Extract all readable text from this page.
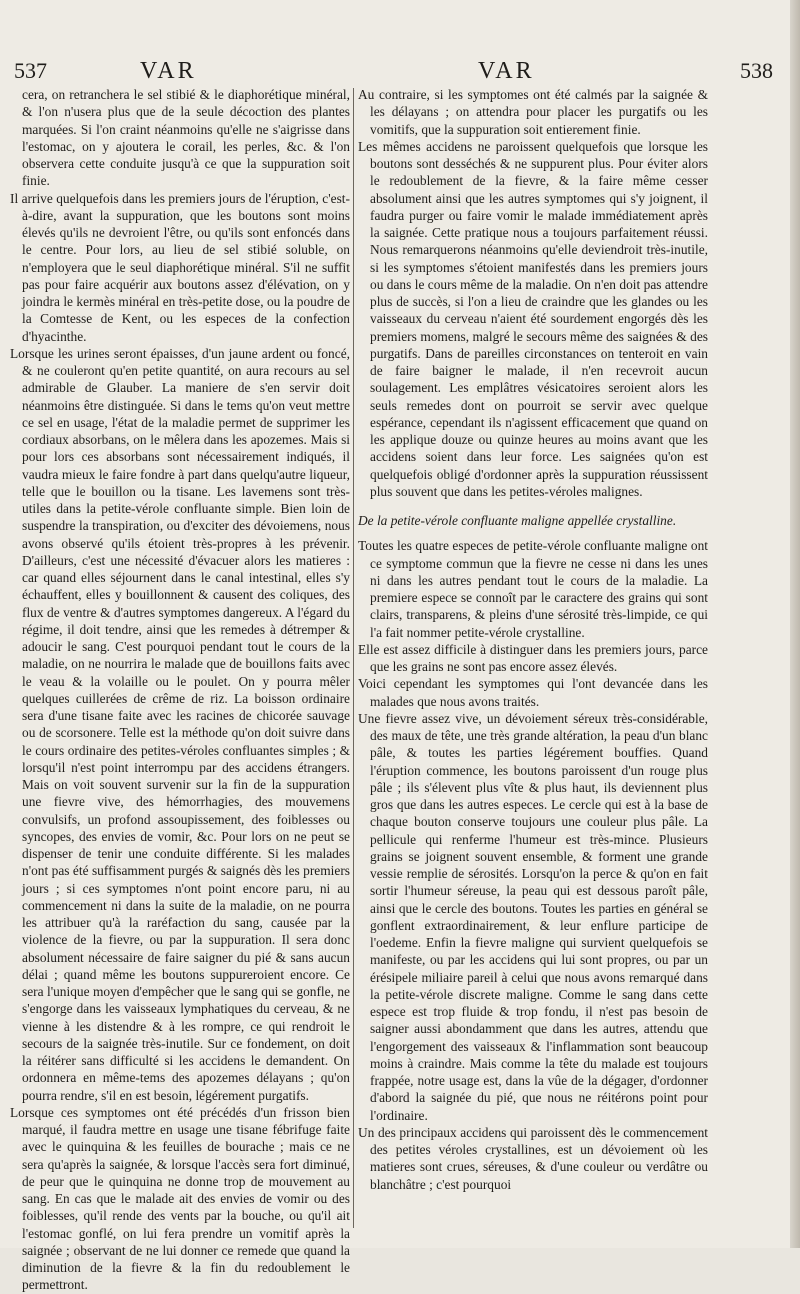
537	VAR	VAR	538

cera, on retranchera le sel stibié & le diaphorétique minéral, & l'on n'usera plus que de la seule décoction des plantes marquées. Si l'on craint néanmoins qu'elle ne s'aigrisse dans l'estomac, on y ajoutera le corail, les perles, &c. & l'on observera cette conduite jusqu'à ce que la suppuration soit finie.

Il arrive quelquefois dans les premiers jours de l'éruption, c'est-à-dire, avant la suppuration, que les boutons sont moins élevés qu'ils ne devroient l'être, ou qu'ils sont enfoncés dans le centre. Pour lors, au lieu de sel stibié soluble, on n'employera que le seul diaphorétique minéral. S'il ne suffit pas pour faire acquérir aux boutons assez d'élévation, on y joindra le kermès minéral en très-petite dose, ou la poudre de la Comtesse de Kent, ou les especes de la confection d'hyacinthe.

Lorsque les urines seront épaisses, d'un jaune ardent ou foncé, & ne couleront qu'en petite quantité, on aura recours au sel admirable de Glauber. La maniere de s'en servir doit néanmoins être distinguée. Si dans le tems qu'on veut mettre ce sel en usage, l'état de la maladie permet de supprimer les cordiaux absorbans, on le mêlera dans les apozemes. Mais si pour lors ces absorbans sont nécessairement indiqués, il vaudra mieux le faire fondre à part dans quelqu'autre liqueur, telle que le bouillon ou la tisane. Les lavemens sont très-utiles dans la petite-vérole confluante simple. Bien loin de suspendre la transpiration, ou d'exciter des dévoiemens, nous avons observé qu'ils étoient très-propres à les prévenir. D'ailleurs, c'est une nécessité d'évacuer alors les matieres : car quand elles séjournent dans le canal intestinal, elles s'y échauffent, elles y bouillonnent & causent des coliques, des flux de ventre & d'autres symptomes dangereux. A l'égard du régime, il doit tendre, ainsi que les remedes à détremper & adoucir le sang. C'est pourquoi pendant tout le cours de la maladie, on ne nourrira le malade que de bouillons faits avec le veau & la volaille ou le poulet. On y pourra mêler quelques cuillerées de crême de riz. La boisson ordinaire sera d'une tisane faite avec les racines de chicorée sauvage ou de scorsonere. Telle est la méthode qu'on doit suivre dans le cours ordinaire des petites-véroles confluantes simples ; & lorsqu'il n'est point interrompu par des accidens étrangers. Mais on voit souvent survenir sur la fin de la suppuration une fievre vive, des hémorrhagies, des mouvemens convulsifs, un profond assoupissement, des foiblesses ou syncopes, des envies de vomir, &c. Pour lors on ne peut se dispenser de tenir une conduite différente. Si les malades n'ont pas été suffisamment purgés & saignés dès les premiers jours ; si ces symptomes n'ont point encore paru, ni au commencement ni dans la suite de la maladie, on ne pourra les attribuer qu'à la raréfaction du sang, causée par la violence de la fievre, ou par la suppuration. Il sera donc absolument nécessaire de faire saigner du pié & sans aucun délai ; quand même les boutons suppureroient encore. Ce sera l'unique moyen d'empêcher que le sang qui se gonfle, ne s'engorge dans les vaisseaux lymphatiques du cerveau, & ne vienne à les distendre & à les rompre, ce qui rendroit le secours de la saignée très-inutile. Sur ce fondement, on doit la réitérer sans difficulté si les accidens le demandent. On ordonnera en même-tems des apozemes délayans ; qu'on pourra rendre, s'il en est besoin, légérement purgatifs.

Lorsque ces symptomes ont été précédés d'un frisson bien marqué, il faudra mettre en usage une tisane fébrifuge faite avec le quinquina & les feuilles de bourache ; mais ce ne sera qu'après la saignée, & lorsque l'accès sera fort diminué, de peur que le quinquina ne donne trop de mouvement au sang. En cas que le malade ait des envies de vomir ou des foiblesses, qu'il rende des vents par la bouche, ou qu'il ait l'estomac gonflé, on lui fera prendre un vomitif après la saignée ; observant de ne lui donner ce remede que quand la diminution de la fievre & la fin du redoublement le permettront.

Au contraire, si les symptomes ont été calmés par la saignée & les délayans ; on attendra pour placer les purgatifs ou les vomitifs, que la suppuration soit entierement finie.

Les mêmes accidens ne paroissent quelquefois que lorsque les boutons sont desséchés & ne suppurent plus. Pour éviter alors le redoublement de la fievre, & la faire même cesser absolument ainsi que les autres symptomes qui s'y joignent, il faudra purger ou faire vomir le malade immédiatement après la saignée. Cette pratique nous a toujours parfaitement réussi. Nous remarquerons néanmoins qu'elle deviendroit très-inutile, si les symptomes s'étoient manifestés dans les premiers jours ou dans le cours même de la maladie. On n'en doit pas attendre plus de succès, si l'on a lieu de craindre que les glandes ou les vaisseaux du cerveau n'aient été sourdement engorgés dès les premiers momens, malgré le secours même des saignées & des purgatifs. Dans de pareilles circonstances on tenteroit en vain de faire baigner le malade, il n'en recevroit aucun soulagement. Les emplâtres vésicatoires seroient alors les seuls remedes dont on pourroit se servir avec quelque espérance, cependant ils n'agissent efficacement que quand on les applique douze ou quinze heures au moins avant que les accidens soient dans leur force. Les saignées qu'on est quelquefois obligé d'ordonner après la suppuration réussissent plus souvent que dans les petites-véroles malignes.

De la petite-vérole confluante maligne appellée crystalline.

Toutes les quatre especes de petite-vérole confluante maligne ont ce symptome commun que la fievre ne cesse ni dans les unes ni dans les autres pendant tout le cours de la maladie. La premiere espece se connoît par le caractere des grains qui sont clairs, transparens, & pleins d'une sérosité très-limpide, ce qui l'a fait nommer petite-vérole crystalline.

Elle est assez difficile à distinguer dans les premiers jours, parce que les grains ne sont pas encore assez élevés.

Voici cependant les symptomes qui l'ont devancée dans les malades que nous avons traités.

Une fievre assez vive, un dévoiement séreux très-considérable, des maux de tête, une très grande altération, la peau d'un blanc pâle, & toutes les parties légérement bouffies. Quand l'éruption commence, les boutons paroissent d'un rouge plus pâle ; ils s'élevent plus vîte & plus haut, ils deviennent plus gros que dans les autres especes. Le cercle qui est à la base de chaque bouton conserve toujours une couleur plus pâle. La pellicule qui renferme l'humeur est très-mince. Plusieurs grains se joignent souvent ensemble, & forment une grande vessie remplie de sérosités. Lorsqu'on la perce & qu'on en fait sortir l'humeur séreuse, la peau qui est dessous paroît pâle, ainsi que le cercle des boutons. Toutes les parties en général se gonflent extraordinairement, & leur enflure participe de l'oedeme. Enfin la fievre maligne qui survient quelquefois se manifeste, ou par les accidens qui lui sont propres, ou par un érésipele miliaire pareil à celui que nous avons remarqué dans la petite-vérole discrete maligne. Comme le sang dans cette espece est trop fluide & trop fondu, il n'est pas besoin de saigner aussi abondamment que dans les autres, attendu que l'engorgement des vaisseaux & l'inflammation sont beaucoup moins à craindre. Mais comme la tête du malade est toujours frappée, notre usage est, dans la vûe de la dégager, d'ordonner d'abord la saignée du pié, que nous ne réitérons point pour l'ordinaire.

Un des principaux accidens qui paroissent dès le commencement des petites véroles crystallines, est un dévoiement où les matieres sont crues, séreuses, & d'une couleur ou verdâtre ou blanchâtre ; c'est pourquoi
